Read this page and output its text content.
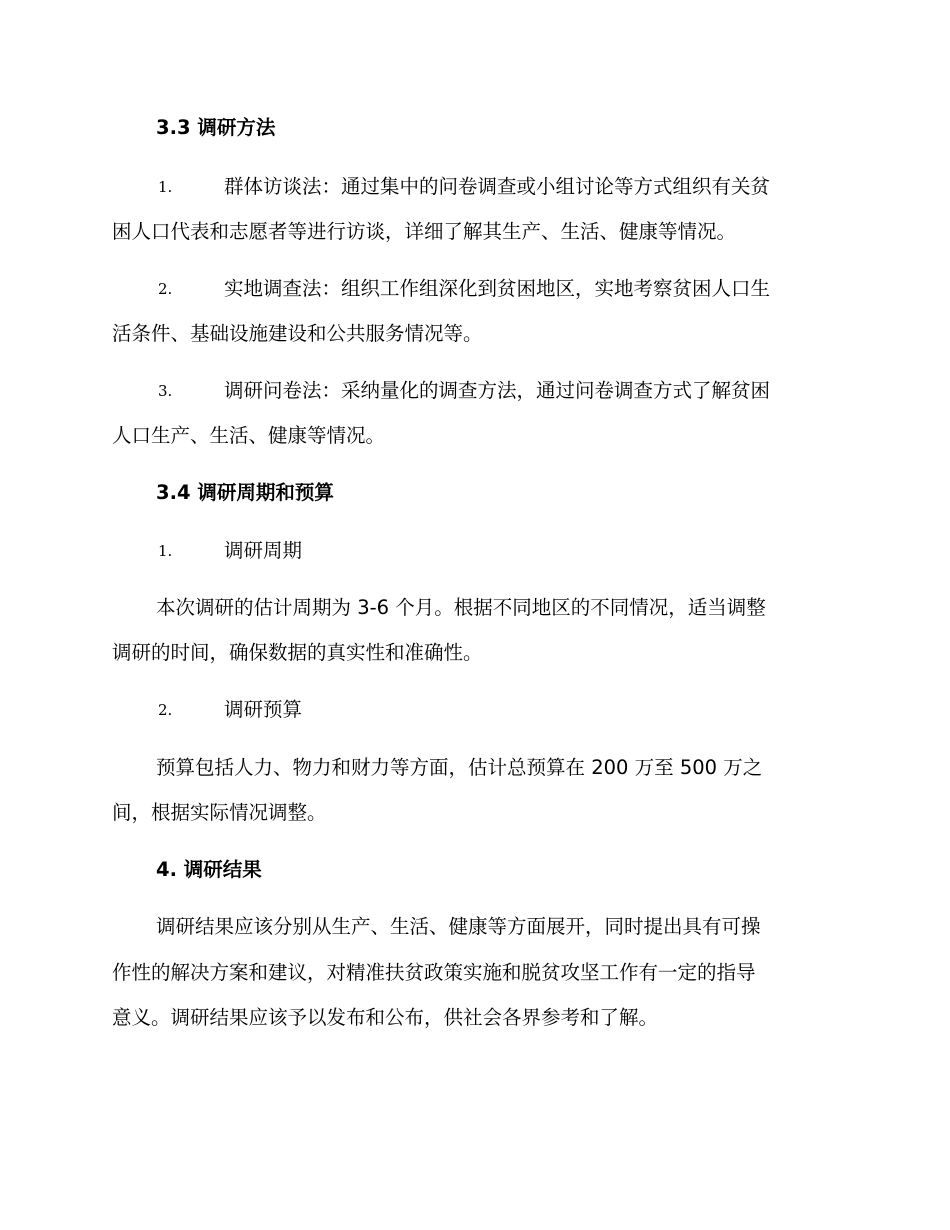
3.3 调研方法
1.	群体访谈法：通过集中的问卷调查或小组讨论等方式组织有关贫
困人口代表和志愿者等进行访谈，详细了解其生产、生活、健康等情况。
2.	实地调查法：组织工作组深化到贫困地区，实地考察贫困人口生
活条件、基础设施建设和公共服务情况等。
3.	调研问卷法：采纳量化的调查方法，通过问卷调查方式了解贫困
人口生产、生活、健康等情况。
3.4 调研周期和预算
1.	调研周期
本次调研的估计周期为 3-6 个月。根据不同地区的不同情况，适当调整
调研的时间，确保数据的真实性和准确性。
2.	调研预算
预算包括人力、物力和财力等方面，估计总预算在 200 万至 500 万之
间，根据实际情况调整。
4. 调研结果
调研结果应该分别从生产、生活、健康等方面展开，同时提出具有可操
作性的解决方案和建议，对精准扶贫政策实施和脱贫攻坚工作有一定的指导
意义。调研结果应该予以发布和公布，供社会各界参考和了解。
